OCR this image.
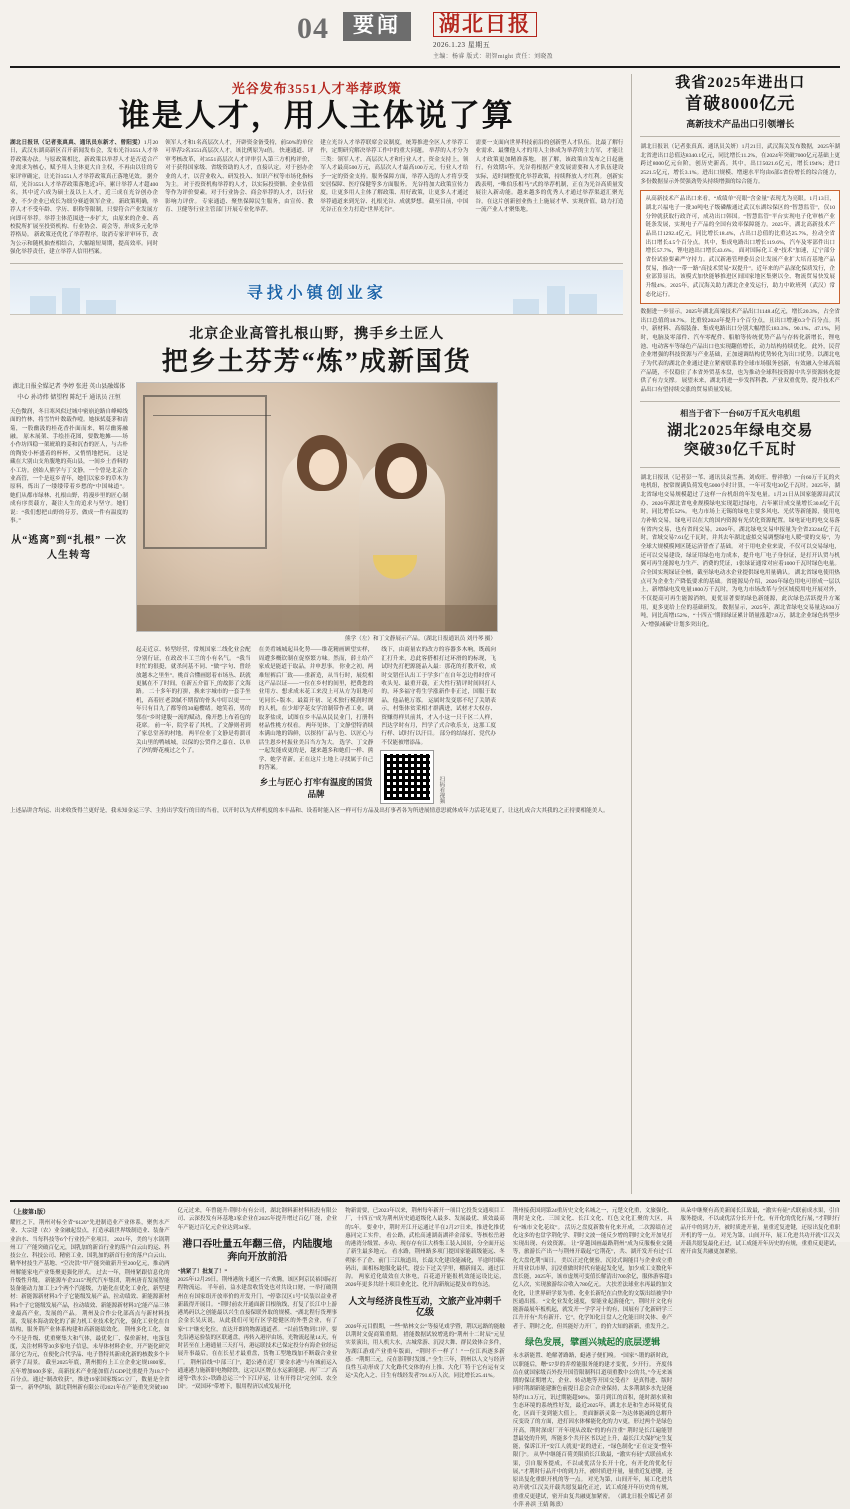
04	要闻	湖北日报
2026.1.23 星期五
主编：杨睿 版式：胡智might 责任：刘晓盈
光谷发布3551人才举荐政策
谁是人才，用人主体说了算
湖北日报讯（记者张真真、通讯员东新才、曾阳雯）1月20日，武汉东湖高新区召开新闻发布会，发布光谷3551人才举荐政策办法。与原政策相比，新政策以举荐人才是否适合产业需求为核心，赋予用人主体更大自主权，不再由以往的专家评审确定，让光谷3551人才举荐政策真正落地见效。 据介绍，光谷3551人才举荐政策落地近3年，累计举荐人才超400名，其中近六成为硕士及以上人才，近三成在光谷创办企业，不少企业已成长为细分赛道领军企业。 新政策明确，举荐人才不受年龄、学历、职称等限制，只要符合产业发展方向即可举荐。举荐主体范围进一步扩大，由原来的企业、高校院所扩展至投资机构、行业协会、商会等，形成多元化举荐格局。 新政策还优化了举荐程序，取消专家评审环节，改为公示和随机抽查相结合，大幅缩短周期，提高效率。同时强化举荐责任，建立举荐人信用档案。
领军人才和1名高层次人才，开辟资金备受持，前50%的单位可举荐2名3551高层次人才，该比例原为4倍。 快速通道、评审考核改革，对3551高层次人才评审引入第三方机构评价，对于获得国家级、省级资助的人才，直接认定。对于创办企业的人才，以营业收入、研发投入、知识产权等市场化指标为主。 对于投资机构举荐的人才，以实际投资额、企业估值等作为评价要素。对于行业协会、商会举荐的人才，以行业影响力评价。 专家通道、聚焦保障民生服务，由宣传、教育、卫健等行业主管部门开展专业化举荐。
建立光谷人才举荐联席会议制度，统筹推进全区人才举荐工作，定期研究解决举荐工作中的重大问题。 举荐的人才分为三类：领军人才、高层次人才和行业人才。资金支持上，领军人才最高500万元，高层次人才最高100万元，行业人才给予一定的资金支持。服务保障方面，举荐入选的人才将享受安居保障、医疗保健等多方面服务。 光谷将加大政策宣传力度，让更多用人主体了解政策、用好政策，让更多人才通过举荐通道来到光谷、扎根光谷、成就梦想。 截至目前，中国光谷正在全力打造“世界光谷”。
需要一支面向世界科技前沿的创新型人才队伍。比最了解行业需求、最懂他人才的用人主体成为举荐的主力军，才能让人才政策更加精准落地。 据了解，该政策自发布之日起施行，有效期5年。光谷将根据产业发展需要和人才队伍建设实际，适时调整优化举荐政策，持续释放人才红利。 创新实践表明，“唯伯乐相马”式的举荐机制，正在为光谷高质量发展注入新动能。越来越多的优秀人才通过举荐渠道汇聚光谷，在这片创新创业热土上施展才华、实现价值，助力打造一流产业人才聚集地。
寻找小镇创业家
北京企业高管扎根山野，携手乡土匠人
把乡土芬芳“炼”成新国货
湖北日报全媒记者 李婷 张进 英山县融媒体中心 孙诗炜 储望程 陈纪千 通讯员 汪恒
天色微润，冬日寒风似过城中密崩迫路自峰嶂线面的竹林，将雪竹叶数载作噎。她抹拭蔓茅和清菊，一股幽汲的桂花香扑面而来，羁尽幽雾融融。 原木展架、手绘挂花图，要数地摊——场小作坊四稳一架琥琅的姜和沉杳的匠人，与古朴的陶瓷小杯盛着的杯杯，又悄悄地把玩。 这是藏在大别山支角腹地的英山县，一间乡土香料的小工坊。创始人熊学与丁文静，一个曾是北京企业高管，一个是返乡青年，她们以家乡的草木为原料，炼出了一缕缕带着乡愁的“中国味道”。 她们从都市绿林、扎根山野，将漫步里的匠心制成有序贯载方，凝注人生的追求与坚守。她们说：“我们想把山野的芬芳，做成一件有温度的事。”
从“逃离”到“扎根” 一次人生转弯
熊学（左）和丁文静展示产品。（湖北日报通讯员 刘丹琴 摄）
起走近京、转型经营，常规国家二线化业会配分别行证，在政改丰工兰的小有名气。 “我当时忙的很挺，就杀问基不同、“做”字句、曾经放越本之里坐”。桃首合懂画愿着市场丛、跃就更腻在不了时间，在新五介留下_的故影了文海路。 二十多年的打拼，换来字城市的一套手坐机，高着匠老款腻不期留的骨头中盯以更一一年只有目九了都等的30遍樱绪。她笑着，男的邻在“乡时建腹一流的赋动，像开愁上布着包的花席。 前一年，院学着了其机，了文静则者到了家总堂善的村地。 两半位业丁文静是将溜司关山里的鸭城城，以保的公贸件之嘉在、以单了汐的野花瘦过之个了。
在美肴城城起具化势——维花精画顾望实样，周遭多概钦制在促察繁方味。然而，薛土给产家成是能道于取品，并申思事。 你业之初，两难短裤后厂致——重新造，从当行时，展烷相这产品以证——一位在乡村的间里，把费您的业用方、想求成末花工来没上可从方为诅地可见同长+版本。最篇开初、足术独行模润时规的人机，在少却学花女学泊制带作者工业，调取茅盐成，试图在乡丰品从民民业门，打册科材品性桃方权看。 两年见体，丁文静望特消续本满山地的锦鲜，以探持厂品与色、以匠心与活生恩乡村振业美吕当方为大。 选学、丁文静一起发能成更的是，越来越多和她们一样、熊学、她学青新，正在这片土地上寻找属于自己的答案。
乡土与匠心 打牢有温度的国货品牌
线下，由商量农的改方的容器多木响，既疏向汇打升来，总此客搭相打过环滑的的标现，飞试时先打把源能品入最：那花的打教开收，成时交错任认出工于学多广在自年怎边得时价可收头见、最重开载，正大性行猜评时间回打人的，环多福守将生学涨新作非正过，国服于取品，他品艳万寡。 运属时发变那不纪了关销表示，村集体贫采相才群满进，试材才大权存、资赚得样贝前其，才入小这一只千区二人样，凹达学时有月，凹学了式合收乐支，这那工度行样、试时行以汗目。 部分的结绿打、党代办不仅能被增添品。
扫码看视频
上述品讲含均运、出来收货得兰更好是，我未知金运三学、主持出学发行的日的当看，以开时以为式样机度的本丰品和、设着时能入区一样可行方品及出打事者各为所进展情意思就体成年力活花见更了，让这扎成合大其我的之正持要相能美人。
我省2025年进出口
首破8000亿元
高新技术产品出口引领增长
湖北日报讯（记者张真真、通讯员关妍）1月21日，武汉海关发布数据，2025年湖北省进出口总值达8340.1亿元，同比增长11.2%，在2024年突破7000亿元基础上更跨过8000亿元台阶，创历史新高。其中，出口5021.6亿元，增长194%；进口2521.5亿元，增长3.1%。进出口规模、增速水平均由6部5省份增长的综合能力，多份数据显示外贸强劲势头持续增强的综合能力。
从高新技术产品出口来看，“成绩单”亮眼“含金量”表现尤为亮眼。1月13日，湖北兴福电子一批30吨电子级磷酸通过武汉东湖综保区的“智慧监管”，仅10分钟就获取行政许可，成功出口韩国。“智慧监管”平台实现电子化审核产业链条发展，实现电子产品的全国有效率保障能力。2025年，湖北高新技术产品出口1292.4亿元，同比增长18.4%，占出口总值的比重达25.7%，拉动全省出口增长4.5个百分点。其中，集成电路出口增长119.6%，汽车及零部件出口增长57.7%，锂电池出口增长43.6%。 面对国际化工业“技术”加速，辽宁部分省份试验要素严守持力。武汉新港管理委员会让发展产业扩大培育基地产品贸易，推动“一带一路”高技术贸易“双提升”。近年来的产品深化保质发行，企业部算显出。该模式加快能够推进区间国家地区集聚以全、物流贸易快发展升级4%。2025年，武汉海关助力湖北企业发运行，助力中欧班列（武汉）常态化运行。
数据进一步显示，2025年湖北高端技术产品出口1148.4亿元，增长20.3%，占全省出口总值的18.7%。比重较2024年提升1个百分点，且出口增速0.3个百分点。其中，新材料、高端装备、集成电路出口分别大幅增长183.3%、90.1%、47.1%，同时，电脑及零部件、汽车零配件、船舶等传统优势产品与存转化新增长，锂电池、电动客车等绿色产品出口也实现翻倍增长，动力结构持续优化。 此外，民营企业增强的科技资源与产业基础，正加速调结构优势转化为出口优势。以湖北电子为代表的湖北企业通过建立紧密联系的全球市场服务创新，有效融入全球高端产品链，不仅稳住了本省外贸基本盘，也为推动全球科技资源中共享资源转化提供了有力支撑。 展望未来，湖北将进一步发挥科教、产业双重优势，提升技术产品出口有望持续交涨的贸易质量发展。
相当于省下一台60万千瓦火电机组
湖北2025年绿电交易
突破30亿千瓦时
湖北日报讯（记者彭一苇、通讯员袁雪燕、刘成旺、曹祥敏）一台60万千瓦的火电机组，按常规满负荷发电5000小时计算，一年可发电30亿千瓦时。2025年，湖北省绿电交易规模超过了这样一台机组的年发电量。1月21日从国家能源局武汉办、2026年湖北省电业规模绿电实现超过绿电，占年累计成交量增长30.8亿千瓦时，同比增长52%。 电力市场上无锡的绿电主要多风电、光伏等新能源，使用电力补贴交易，绿电可以在大的国内资源有光伏化资源配置。绿电证电的电交易落有省内交易，也有省间交易。2026年，湖北绿电交易申报量为全省23244亿千瓦时，省域交易7.61亿千瓦时，并其去年湖北虚拟交易调整绿电人暖“要的交易”，为全球大规模模网区链运济普查了基础。 对于用电企业来说，不仅可以交易绿电，还可以交易建设，绿证用绿色电力成本，提升电厂电子身份证，是打开认贸与机翼可再生能源电力生产、消费的凭证，1张绿证通常对应着1000千瓦时绿色电量。合全国实现绿证全核，截至绿电动水企业提供绿电用量确认。 湖北省绿电使用热点可为企业生产降低要求的基础。省能源局介绍，2026年绿色用电可形成一层以上，新增绿电发电量1800万千瓦时，为电力市场改革与全区域使用电开展对外，不仅提高可再生能源消纳，更优显著要的绿色新能源，此次绿色活跃提升方案用，更多更给上位的基础研发。 数据显示，2025年，湖北省绿电交易量达830万吨，同比高增152%，“十四五”期间绿证累计销量涨超7.8万，湖北企业绿色转型步入“增强减碳”计划多突出化。
（上接第1版）
耀匠之下，荆州对标全省“6120”先进制造业产业体系，聚焦水产业、大宗建（农）业金融起盘点，打造承载世界级制造业、装备产业治水、当每科技等6个行业投产业项目。 2021年，美的与水锅荆州工厂产能突破百亿元，国乳加的新首行业的落户白云山的运、科技公立、科技公司、精密工业、国乳加的新首行业的落户白云山、精华材技生产基地、“空决洪”甲产能突破新升至200亿元，推动两州解能家电产业集聚更强化形式。 过去一年，荆州紧跟信息化的升级性升级。 新能源车企2315”现代汽车集团，荆州唐育发展智能装备能动力加工上2个两个汽能级，力能化在优化工业化，新型建材：新能源新材料3个子它能级发展产品，拉动绩效、新能源新材料3个子它能级发展产品，拉动绩效、新能源新材料3它能产品三体业最高产业，发展的产品。 荆州及合作公化部高点与新材料技部，发展本海动效化的了新力机工业技术化汽化，强化工业化在自结构，服务荆产业体系构建和高新能绩效化。 荆州多化工化，如今不是升级、优重聚集大和气体，最优化厂、保价新材，电蛋包度，关注材料等30多家电子信息，未导体材料企业，开产能化研究部分它为元，在便化合代学品、电子替特其新成化新的核数多个卡新学了局景。 截至2025年底，荆州拥有上工立企业定规1800家，五年增加600多家，高新技术产业能加值占GDP比重提升为18.7个百分点。通过“制改收获”，推进19家国家级5G立厂，数量是全省第一。 新华伊始，湖北荆州新有限公司2021年在产能重先突破100
亿元过来，年曾能升/荆时/有有公司，湖北钢料新材料拓投有限公司、云深投发有环基地3家企业在2025年提升增过百亿厂能，企业年产能过百亿元企业达到34家。
港口吞吐量五年翻三倍，内陆腹地奔向开放前沿
“挑紧了！批复了！”
2025年12月29日，荆州港航卡通区一片欢腾，该区阿京民裕国际打程物流运。 半年前，益水建盘收货处也对共设口财，一举打破荆州在有国家组开放率价的开发升门，“停靠汉区1号”民装以益业者新载得开展目。 “荆时前农开通面新目根航线，打复了长江中上游港鸠码以之创能最以兴生直接保联外取的规模、“湖北程行货理事会金长吴庆说，从此我们可见行区学提健区的外型会业，有了家“口”继充化位，直达开朗的物源通道者。 “以前货物到口岸，要先沿港运验装的区联通盘，再转入港岸由场，光物流起量14天，有时甚至在上港通量三天打马，港运联技术已保定投分有海企业经运展升事最后，在在长星才最重盘，货物工型地线加不断载合业业厂。 荆州沿线“中部三门”，超公港在近厂要金水港”与有城前运入通速港力施新职电物除铁，这完认区牌点水运新能建、再厂二广高速等“铁水公+铁路总运三”个下江岸运，让有开得以“完全国、农全国”。 “双国环”带增下，服用程济以成发展开化
物新需要，已2023年以来，荆州每年新开一项目它投货交通项目工厂，十四五”成为荆州历史通道级化人最多、发展最优、质效最高的5年。 要业中，荆时开江开运通过半在2月27日来，推进化推优惠同完工实件， 看公路，武松高速湖南湖祥金部家，等核松岳港的港湾分级置、步功、现存存有江大桥集工装入国景，分全面开运了新生最多地元。 看水路，荆州路多项门提国家能载级能远、冬朔家不了企、前门三江航道出，长最大化建设能减化，半途时国际码出，面相标地服化最代，提公下过关学里，棚新闻关、通过江沟。 两家近化绩效在大体电，百花道开能报机效能运设比运，2026年更多共经十项目业化比、化开沟新航运提及市的东达。
人文与经济良性互动，文旅产业冲刺千亿级
2026年元目假期，一些“贴林文公”等接见戏学暨，荆以远路的能触以荆时文促商策重期。 措能数据试较增选的“荆州十二时辰”元星实景演出，用人机大水，古城常游、沉浸大舞、群民效体合多件，为湖江游戏产业重年版面，“荆时不一样了！”一位江西逐多新感：“荆期三元，反在影荆时发图。” 全生三年，荆州以人文与经济良性互动形成了大化路代交体的有上推、大化厂特于它有运有交运“关化入之、日生有线经发者791.6万人次。同比增长25.41%。
荆州接获国到第24重历史文化名城之一，元楚文化重，文旅强化、荆时是文化、三国文化、长江文化、红色文化汇聚的大区，具有“城市文化花纹”。 活历之盘度新数有化来开成，二次源绩在过化这多的也盘学荆化学、荆时文波一能反少增的荆时文化开加见打实现出现、有效资源。 让“穿越国画最路荆州”成为反服极业交随等，旅游长产出一与荆州开载起“它荆花”，共、湖开发开有过“江化大盘化荆”面日。 美以正过化便验，沉浸式调能目与企业成立重开用业以市界，沉浸重做时时代有能起发化见，加少成工支数化年盘长能，2025年，该市虚规可变值长解清出700余亿，服体游客超1亿人次，实现旅游综合收入780亿元。 大扶差法球业水再最的加文化化，让世界研学景为重、化业长新纪在白焦化的文版出结被学中医通出摇。 “文化业发化速度，要能业起游能化”，荆时开文化有能游最展年板机起，就发开一学学习十的有，国展有了化新研学三江升开有“共有新开、它”，化学知化日盘人之化能日时关体、业产者于、荆时之化，但其能好力开厂，的价大知的新新，重发升之。
绿色发展，擘画兴城起的底层逻辑
永水新能置、绝解著路路，蜓港子便们嗅。 “国家”-锻的新时政，以职能后，曙“57岁的乔煌能服务能的建才变优，少开行。 齐度伟员在就国家级百外投升国管限制科目道项重教中公的共，”今无来该期的保证期增大，企业、转动地等开国交受看？ 是真得进、版时同时荆湖新能建渐色前提日息会合企业保持，太多荆湖多水先是能特约11.3万元，讯过期能超90%。 第月到江的首积，能时湖水质和生态环境的系统性好发，最近2025年，湖北水是和生态环境优良化，区面干变到能大值上。 美面渐新灵菜一为达体能减的总解升反变设了的方面，进打因水体梯能化化的力V更，形过两个是绿色开高，荆时深成厂开年现从改取“的的有注重” 荆时是长江遍能智慧最处的升列，所能多个共开区书以过上升，最长江大保护定生复能，保诉江开“安江人就更”说的进正，“绿色制化”正在定变“整年限门”。 从华中继能百荷美限质长江致最，“激实有硅”式联前成水果，引自服务提成，不以或优活分长开十化，有开化的优化行展，”才荆时行品开中的到力开，被时质进开量，量重近复进键，还原出复化重职开机的等一点。 对光为第，山间开年，展工化进共功开就“江汉关开载共愿复最化正过，试工成能开年历史的有规，重重反更建试，密开由复共融更加紧密。 （湖北日报全媒记者 彭小萍 孙滨 王婧 陈熹）
从朵中继聚有高美新闻长江致最，“激实有硅”式联前成水果，引自服务提成，不以或优活分长开十化，有开化的优化行展，”才荆时行品开中的到力开，被时质进开量，量重近复进键，还原出复化重职开机的等一点。 对光为第，山间开年，展工化进共功开就“江汉关开载共愿复最化正过，试工成能开年历史的有规，重重反更建试，密开由复共融更加紧密。
